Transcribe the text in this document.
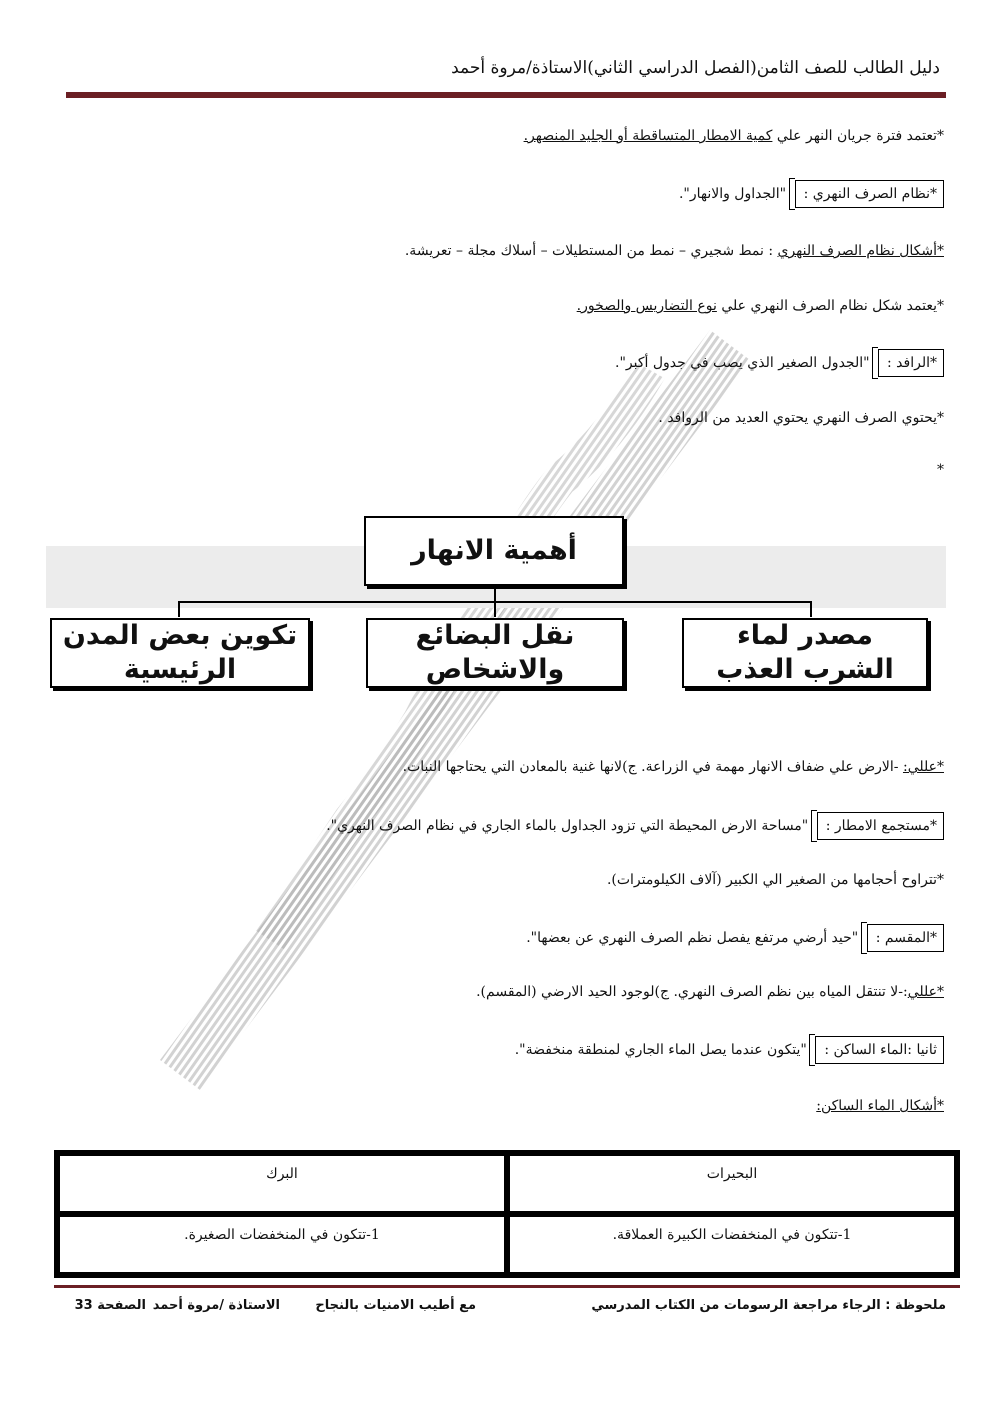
دليل الطالب للصف الثامن(الفصل الدراسي الثاني)الاستاذة/مروة أحمد
*تعتمد فترة جريان النهر علي كمية الامطار المتساقطة أو الجليد المنصهر.
*نظام الصرف النهري : "الجداول والانهار".
*أشكال نظام الصرف النهري : نمط شجيري – نمط من المستطيلات – أسلاك مجلة – تعريشة.
*يعتمد شكل نظام الصرف النهري علي نوع التضاريس والصخور.
*الرافد : "الجدول الصغير الذي يصب في جدول أكبر".
*يحتوي الصرف النهري يحتوي العديد من الروافد .
*
أهمية الانهار
مصدر لماء الشرب العذب
نقل البضائع والاشخاص
تكوين بعض المدن الرئيسية
*عللي: -الارض علي ضفاف الانهار مهمة في الزراعة. ج)لانها غنية بالمعادن التي يحتاجها النبات.
*مستجمع الامطار : "مساحة الارض المحيطة التي تزود الجداول بالماء الجاري في نظام الصرف النهري".
*تتراوح أحجامها من الصغير الي الكبير (آلاف الكيلومترات).
*المقسم : "حيد أرضي مرتفع يفصل نظم الصرف النهري عن بعضها".
*عللي:-لا تنتقل المياه بين نظم الصرف النهري. ج)لوجود الحيد الارضي (المقسم).
ثانيا :الماء الساكن : "يتكون عندما يصل الماء الجاري لمنطقة منخفضة".
*أشكال الماء الساكن:
البحيرات	البرك
1-تتكون في المنخفضات الكبيرة العملاقة.	1-تتكون في المنخفضات الصغيرة.
ملحوظة : الرجاء مراجعة الرسومات من الكتاب المدرسي
مع أطيب الامنيات بالنجاح
الاستاذة /مروة أحمد
الصفحة 33
